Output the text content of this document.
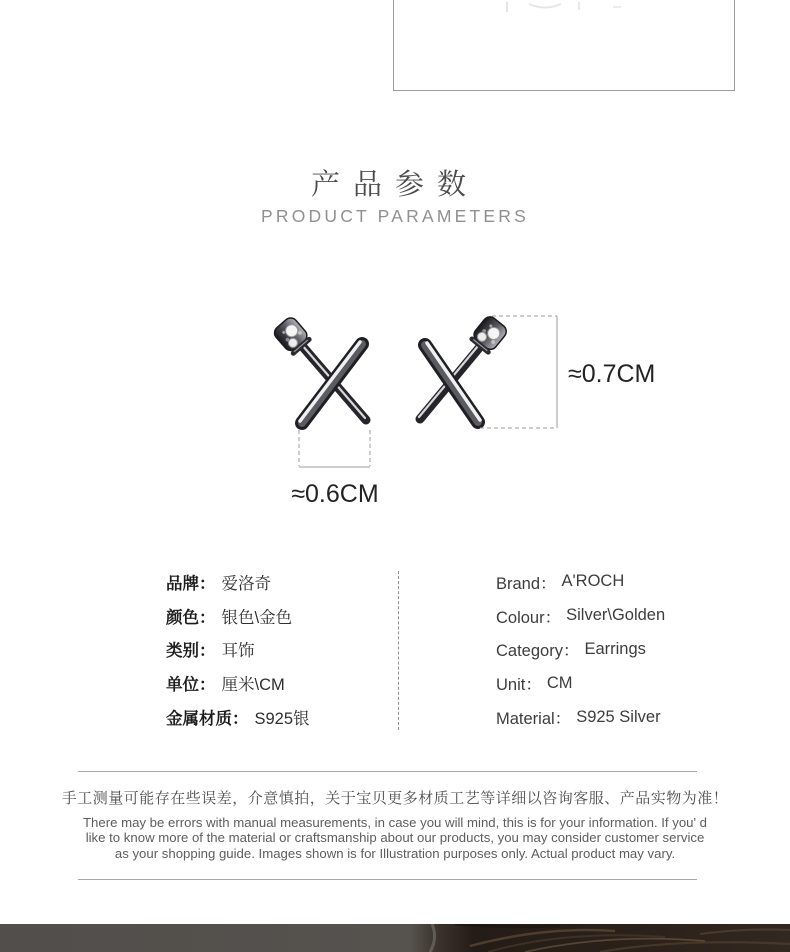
产品参数
PRODUCT PARAMETERS
≈0.6CM
≈0.7CM
品牌： 爱洛奇
颜色： 银色\金色
类别： 耳饰
单位： 厘米\CM
金属材质： S925银
Brand： A'ROCH
Colour： Silver\Golden
Category： Earrings
Unit： CM
Material： S925 Silver
手工测量可能存在些误差，介意慎拍，关于宝贝更多材质工艺等详细以咨询客服、产品实物为准！
There may be errors with manual measurements, in case you will mind, this is for your information. If you' d
like to know more of the material or craftsmanship about our products, you may consider customer service
as your shopping guide. Images shown is for Illustration purposes only. Actual product may vary.
